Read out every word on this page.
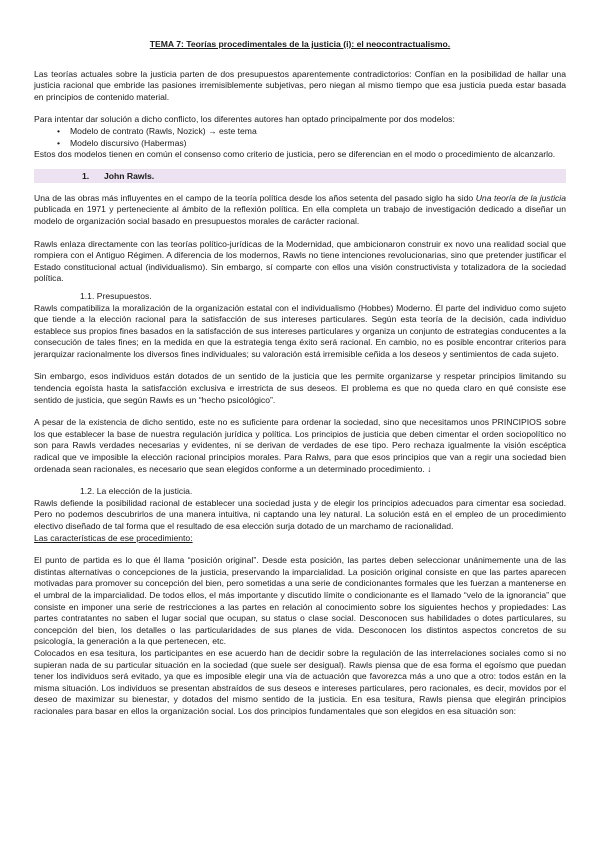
TEMA 7: Teorías procedimentales de la justicia (i): el neocontractualismo.

Las teorías actuales sobre la justicia parten de dos presupuestos aparentemente contradictorios: Confían en la posibilidad de hallar una justicia racional que embride las pasiones irremisiblemente subjetivas, pero niegan al mismo tiempo que esa justicia pueda estar basada en principios de contenido material.

Para intentar dar solución a dicho conflicto, los diferentes autores han optado principalmente por dos modelos:

• Modelo de contrato (Rawls, Nozick) → este tema
• Modelo discursivo (Habermas)

Estos dos modelos tienen en común el consenso como criterio de justicia, pero se diferencian en el modo o procedimiento de alcanzarlo.

1. John Rawls.

Una de las obras más influyentes en el campo de la teoría política desde los años setenta del pasado siglo ha sido Una teoría de la justicia publicada en 1971 y perteneciente al ámbito de la reflexión política. En ella completa un trabajo de investigación dedicado a diseñar un modelo de organización social basado en presupuestos morales de carácter racional.

Rawls enlaza directamente con las teorías político-jurídicas de la Modernidad, que ambicionaron construir ex novo una realidad social que rompiera con el Antiguo Régimen. A diferencia de los modernos, Rawls no tiene intenciones revolucionarias, sino que pretender justificar el Estado constitucional actual (individualismo). Sin embargo, sí comparte con ellos una visión constructivista y totalizadora de la sociedad política.

1.1. Presupuestos.

Rawls compatibiliza la moralización de la organización estatal con el individualismo (Hobbes) Moderno. Él parte del individuo como sujeto que tiende a la elección racional para la satisfacción de sus intereses particulares. Según esta teoría de la decisión, cada individuo establece sus propios fines basados en la satisfacción de sus intereses particulares y organiza un conjunto de estrategias conducentes a la consecución de tales fines; en la medida en que la estrategia tenga éxito será racional. En cambio, no es posible encontrar criterios para jerarquizar racionalmente los diversos fines individuales; su valoración está irremisible ceñida a los deseos y sentimientos de cada sujeto.

Sin embargo, esos individuos están dotados de un sentido de la justicia que les permite organizarse y respetar principios limitando su tendencia egoísta hasta la satisfacción exclusiva e irrestricta de sus deseos. El problema es que no queda claro en qué consiste ese sentido de justicia, que según Rawls es un “hecho psicológico”.

A pesar de la existencia de dicho sentido, este no es suficiente para ordenar la sociedad, sino que necesitamos unos PRINCIPIOS sobre los que establecer la base de nuestra regulación jurídica y política. Los principios de justicia que deben cimentar el orden sociopolítico no son para Rawls verdades necesarias y evidentes, ni se derivan de verdades de ese tipo. Pero rechaza igualmente la visión escéptica radical que ve imposible la elección racional principios morales. Para Ralws, para que esos principios que van a regir una sociedad bien ordenada sean racionales, es necesario que sean elegidos conforme a un determinado procedimiento. ↓

1.2. La elección de la justicia.

Rawls defiende la posibilidad racional de establecer una sociedad justa y de elegir los principios adecuados para cimentar esa sociedad. Pero no podemos descubrirlos de una manera intuitiva, ni captando una ley natural. La solución está en el empleo de un procedimiento electivo diseñado de tal forma que el resultado de esa elección surja dotado de un marchamo de racionalidad.

Las características de ese procedimiento:

El punto de partida es lo que él llama “posición original”. Desde esta posición, las partes deben seleccionar unánimemente una de las distintas alternativas o concepciones de la justicia, preservando la imparcialidad. La posición original consiste en que las partes aparecen motivadas para promover su concepción del bien, pero sometidas a una serie de condicionantes formales que les fuerzan a mantenerse en el umbral de la imparcialidad. De todos ellos, el más importante y discutido límite o condicionante es el llamado “velo de la ignorancia” que consiste en imponer una serie de restricciones a las partes en relación al conocimiento sobre los siguientes hechos y propiedades: Las partes contratantes no saben el lugar social que ocupan, su status o clase social. Desconocen sus habilidades o dotes particulares, su concepción del bien, los detalles o las particularidades de sus planes de vida. Desconocen los distintos aspectos concretos de su psicología, la generación a la que pertenecen, etc.

Colocados en esa tesitura, los participantes en ese acuerdo han de decidir sobre la regulación de las interrelaciones sociales como si no supieran nada de su particular situación en la sociedad (que suele ser desigual). Rawls piensa que de esa forma el egoísmo que puedan tener los individuos será evitado, ya que es imposible elegir una vía de actuación que favorezca más a uno que a otro: todos están en la misma situación. Los individuos se presentan abstraídos de sus deseos e intereses particulares, pero racionales, es decir, movidos por el deseo de maximizar su bienestar, y dotados del mismo sentido de la justicia. En esa tesitura, Rawls piensa que elegirán principios racionales para basar en ellos la organización social. Los dos principios fundamentales que son elegidos en esa situación son:
